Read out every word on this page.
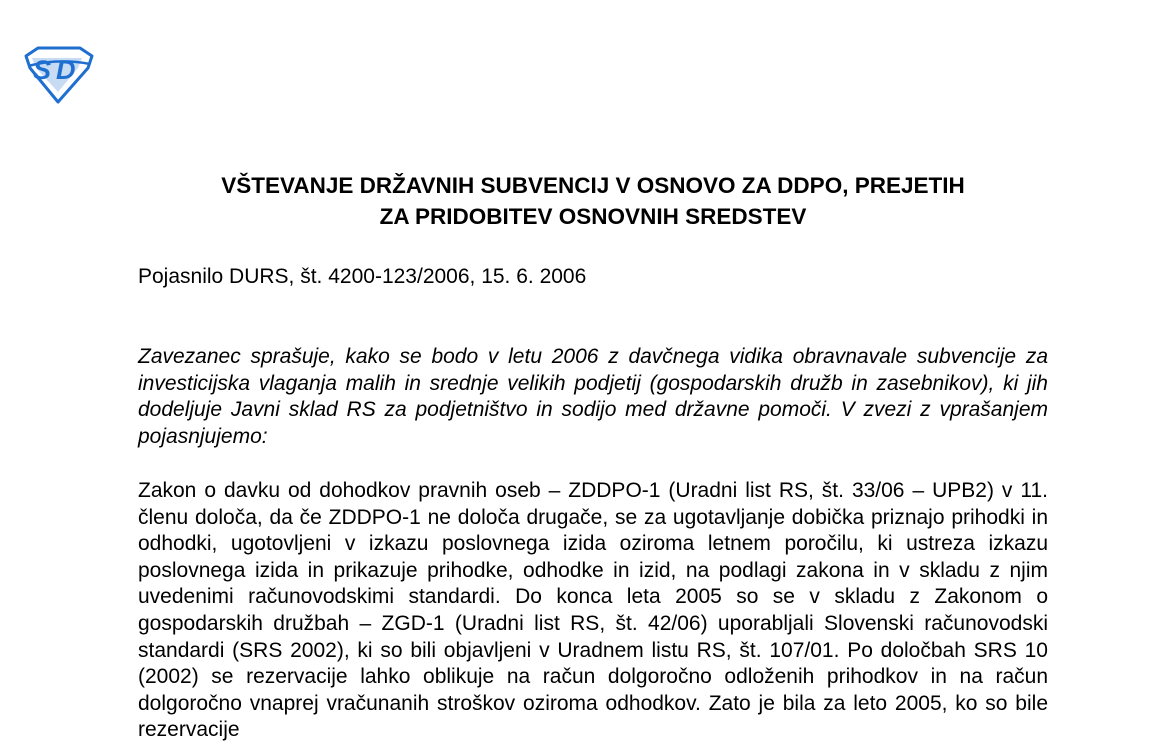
S D
VŠTEVANJE DRŽAVNIH SUBVENCIJ V OSNOVO ZA DDPO, PREJETIH
ZA PRIDOBITEV OSNOVNIH SREDSTEV

Pojasnilo DURS, št. 4200-123/2006, 15. 6. 2006

Zavezanec sprašuje, kako se bodo v letu 2006 z davčnega vidika obravnavale subvencije za investicijska vlaganja malih in srednje velikih podjetij (gospodarskih družb in zasebnikov), ki jih dodeljuje Javni sklad RS za podjetništvo in sodijo med državne pomoči. V zvezi z vprašanjem pojasnjujemo:

Zakon o davku od dohodkov pravnih oseb – ZDDPO-1 (Uradni list RS, št. 33/06 – UPB2) v 11. členu določa, da če ZDDPO-1 ne določa drugače, se za ugotavljanje dobička priznajo prihodki in odhodki, ugotovljeni v izkazu poslovnega izida oziroma letnem poročilu, ki ustreza izkazu poslovnega izida in prikazuje prihodke, odhodke in izid, na podlagi zakona in v skladu z njim uvedenimi računovodskimi standardi. Do konca leta 2005 so se v skladu z Zakonom o gospodarskih družbah – ZGD-1 (Uradni list RS, št. 42/06) uporabljali Slovenski računovodski standardi (SRS 2002), ki so bili objavljeni v Uradnem listu RS, št. 107/01. Po določbah SRS 10 (2002) se rezervacije lahko oblikuje na račun dolgoročno odloženih prihodkov in na račun dolgoročno vnaprej vračunanih stroškov oziroma odhodkov. Zato je bila za leto 2005, ko so bile rezervacije
